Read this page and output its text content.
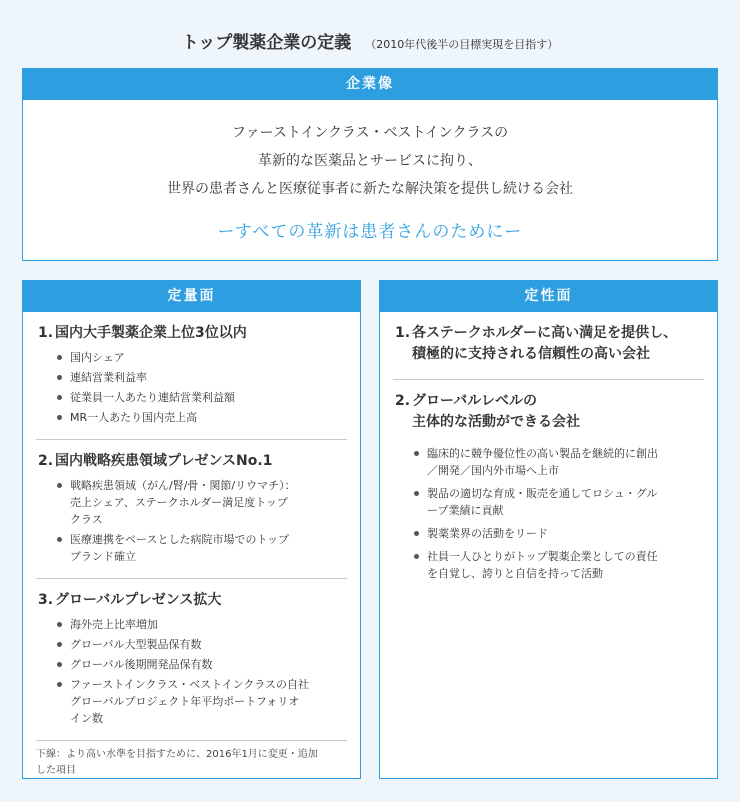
トップ製薬企業の定義 （2010年代後半の目標実現を目指す）
企業像
ファーストインクラス・ベストインクラスの
革新的な医薬品とサービスに拘り、
世界の患者さんと医療従事者に新たな解決策を提供し続ける会社
ーすべての革新は患者さんのためにー
定量面
1. 国内大手製薬企業上位3位以内
国内シェア
連結営業利益率
従業員一人あたり連結営業利益額
MR一人あたり国内売上高
2. 国内戦略疾患領域プレゼンスNo.1
戦略疾患領域（がん/腎/骨・関節/リウマチ）：
売上シェア、ステークホルダー満足度トップ
クラス
医療連携をベースとした病院市場でのトップ
ブランド確立
3. グローバルプレゼンス拡大
海外売上比率増加
グローバル大型製品保有数
グローバル後期開発品保有数
ファーストインクラス・ベストインクラスの自社
グローバルプロジェクト年平均ポートフォリオ
イン数
下線：より高い水準を目指すために、2016年1月に変更・追加
した項目
定性面
1. 各ステークホルダーに高い満足を提供し、
積極的に支持される信頼性の高い会社
2. グローバルレベルの
主体的な活動ができる会社
臨床的に競争優位性の高い製品を継続的に創出
／開発／国内外市場へ上市
製品の適切な育成・販売を通してロシュ・グル
ープ業績に貢献
製薬業界の活動をリード
社員一人ひとりがトップ製薬企業としての責任
を自覚し、誇りと自信を持って活動
